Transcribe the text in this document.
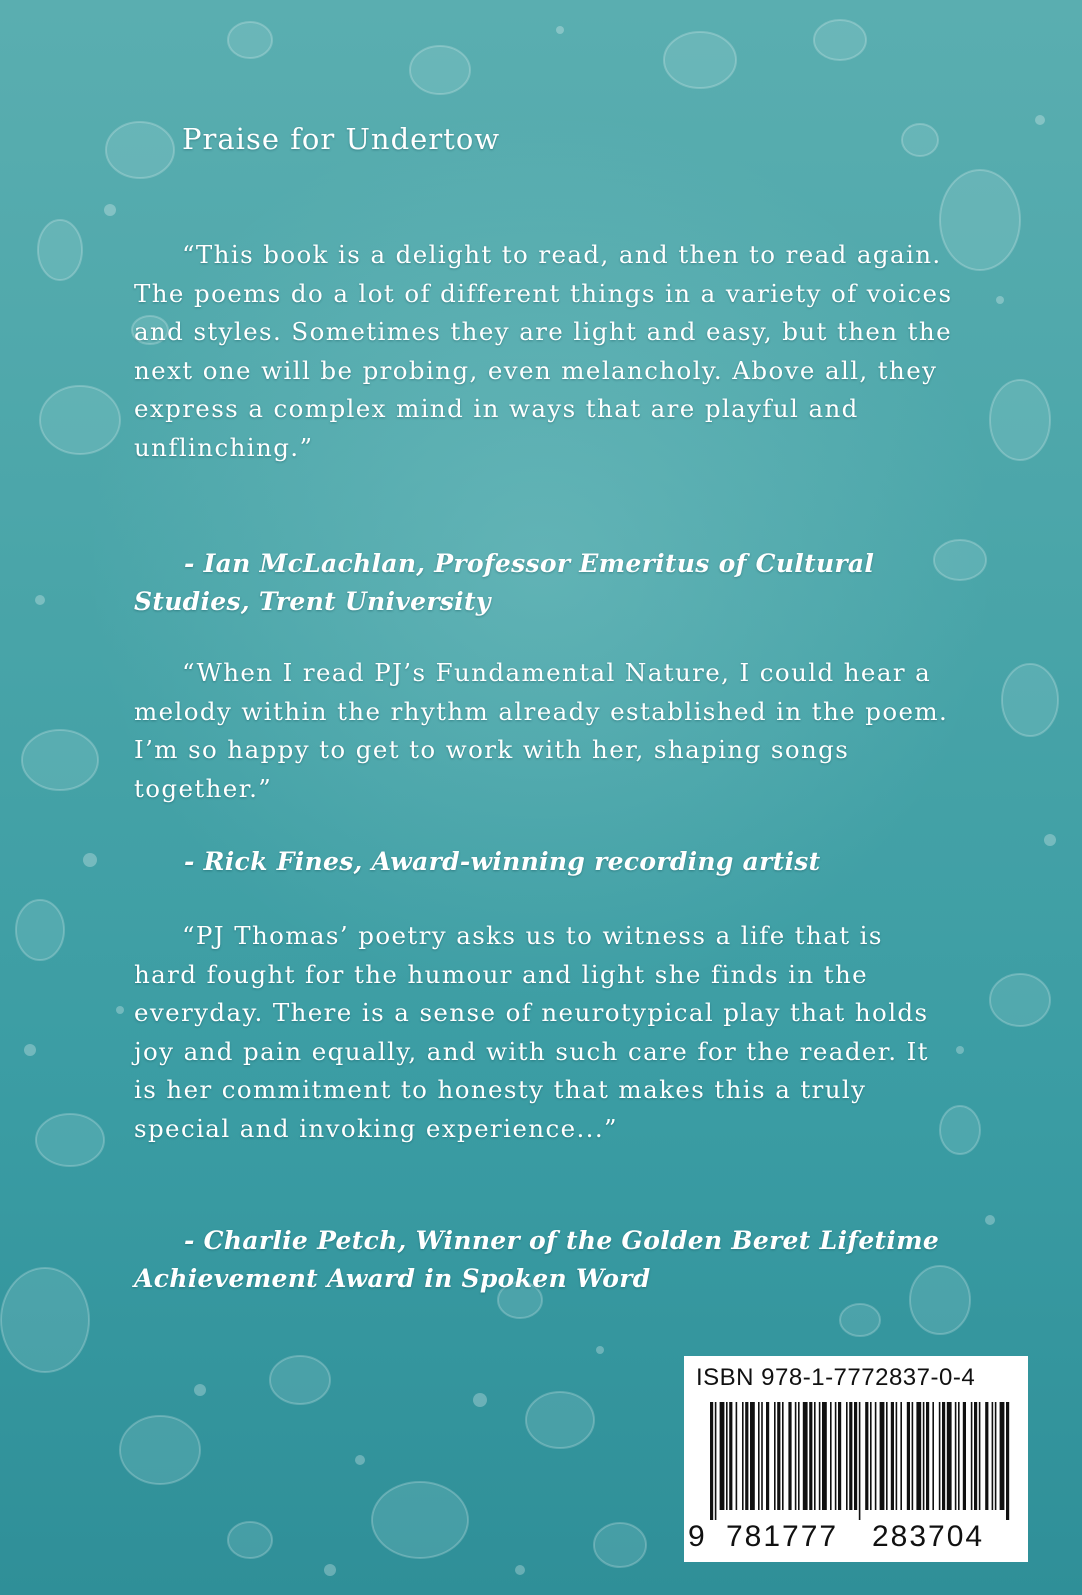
Praise for Undertow

“This book is a delight to read, and then to read again. The poems do a lot of different things in a variety of voices and styles. Sometimes they are light and easy, but then the next one will be probing, even melancholy. Above all, they express a complex mind in ways that are playful and unflinching.”

- Ian McLachlan, Professor Emeritus of Cultural Studies, Trent University

“When I read PJ’s Fundamental Nature, I could hear a melody within the rhythm already established in the poem. I’m so happy to get to work with her, shaping songs together.”

- Rick Fines, Award-winning recording artist

“PJ Thomas’ poetry asks us to witness a life that is hard fought for the humour and light she finds in the everyday. There is a sense of neurotypical play that holds joy and pain equally, and with such care for the reader. It is her commitment to honesty that makes this a truly special and invoking experience...”

- Charlie Petch, Winner of the Golden Beret Lifetime Achievement Award in Spoken Word

ISBN 978-1-7772837-0-4
9 781777 283704
